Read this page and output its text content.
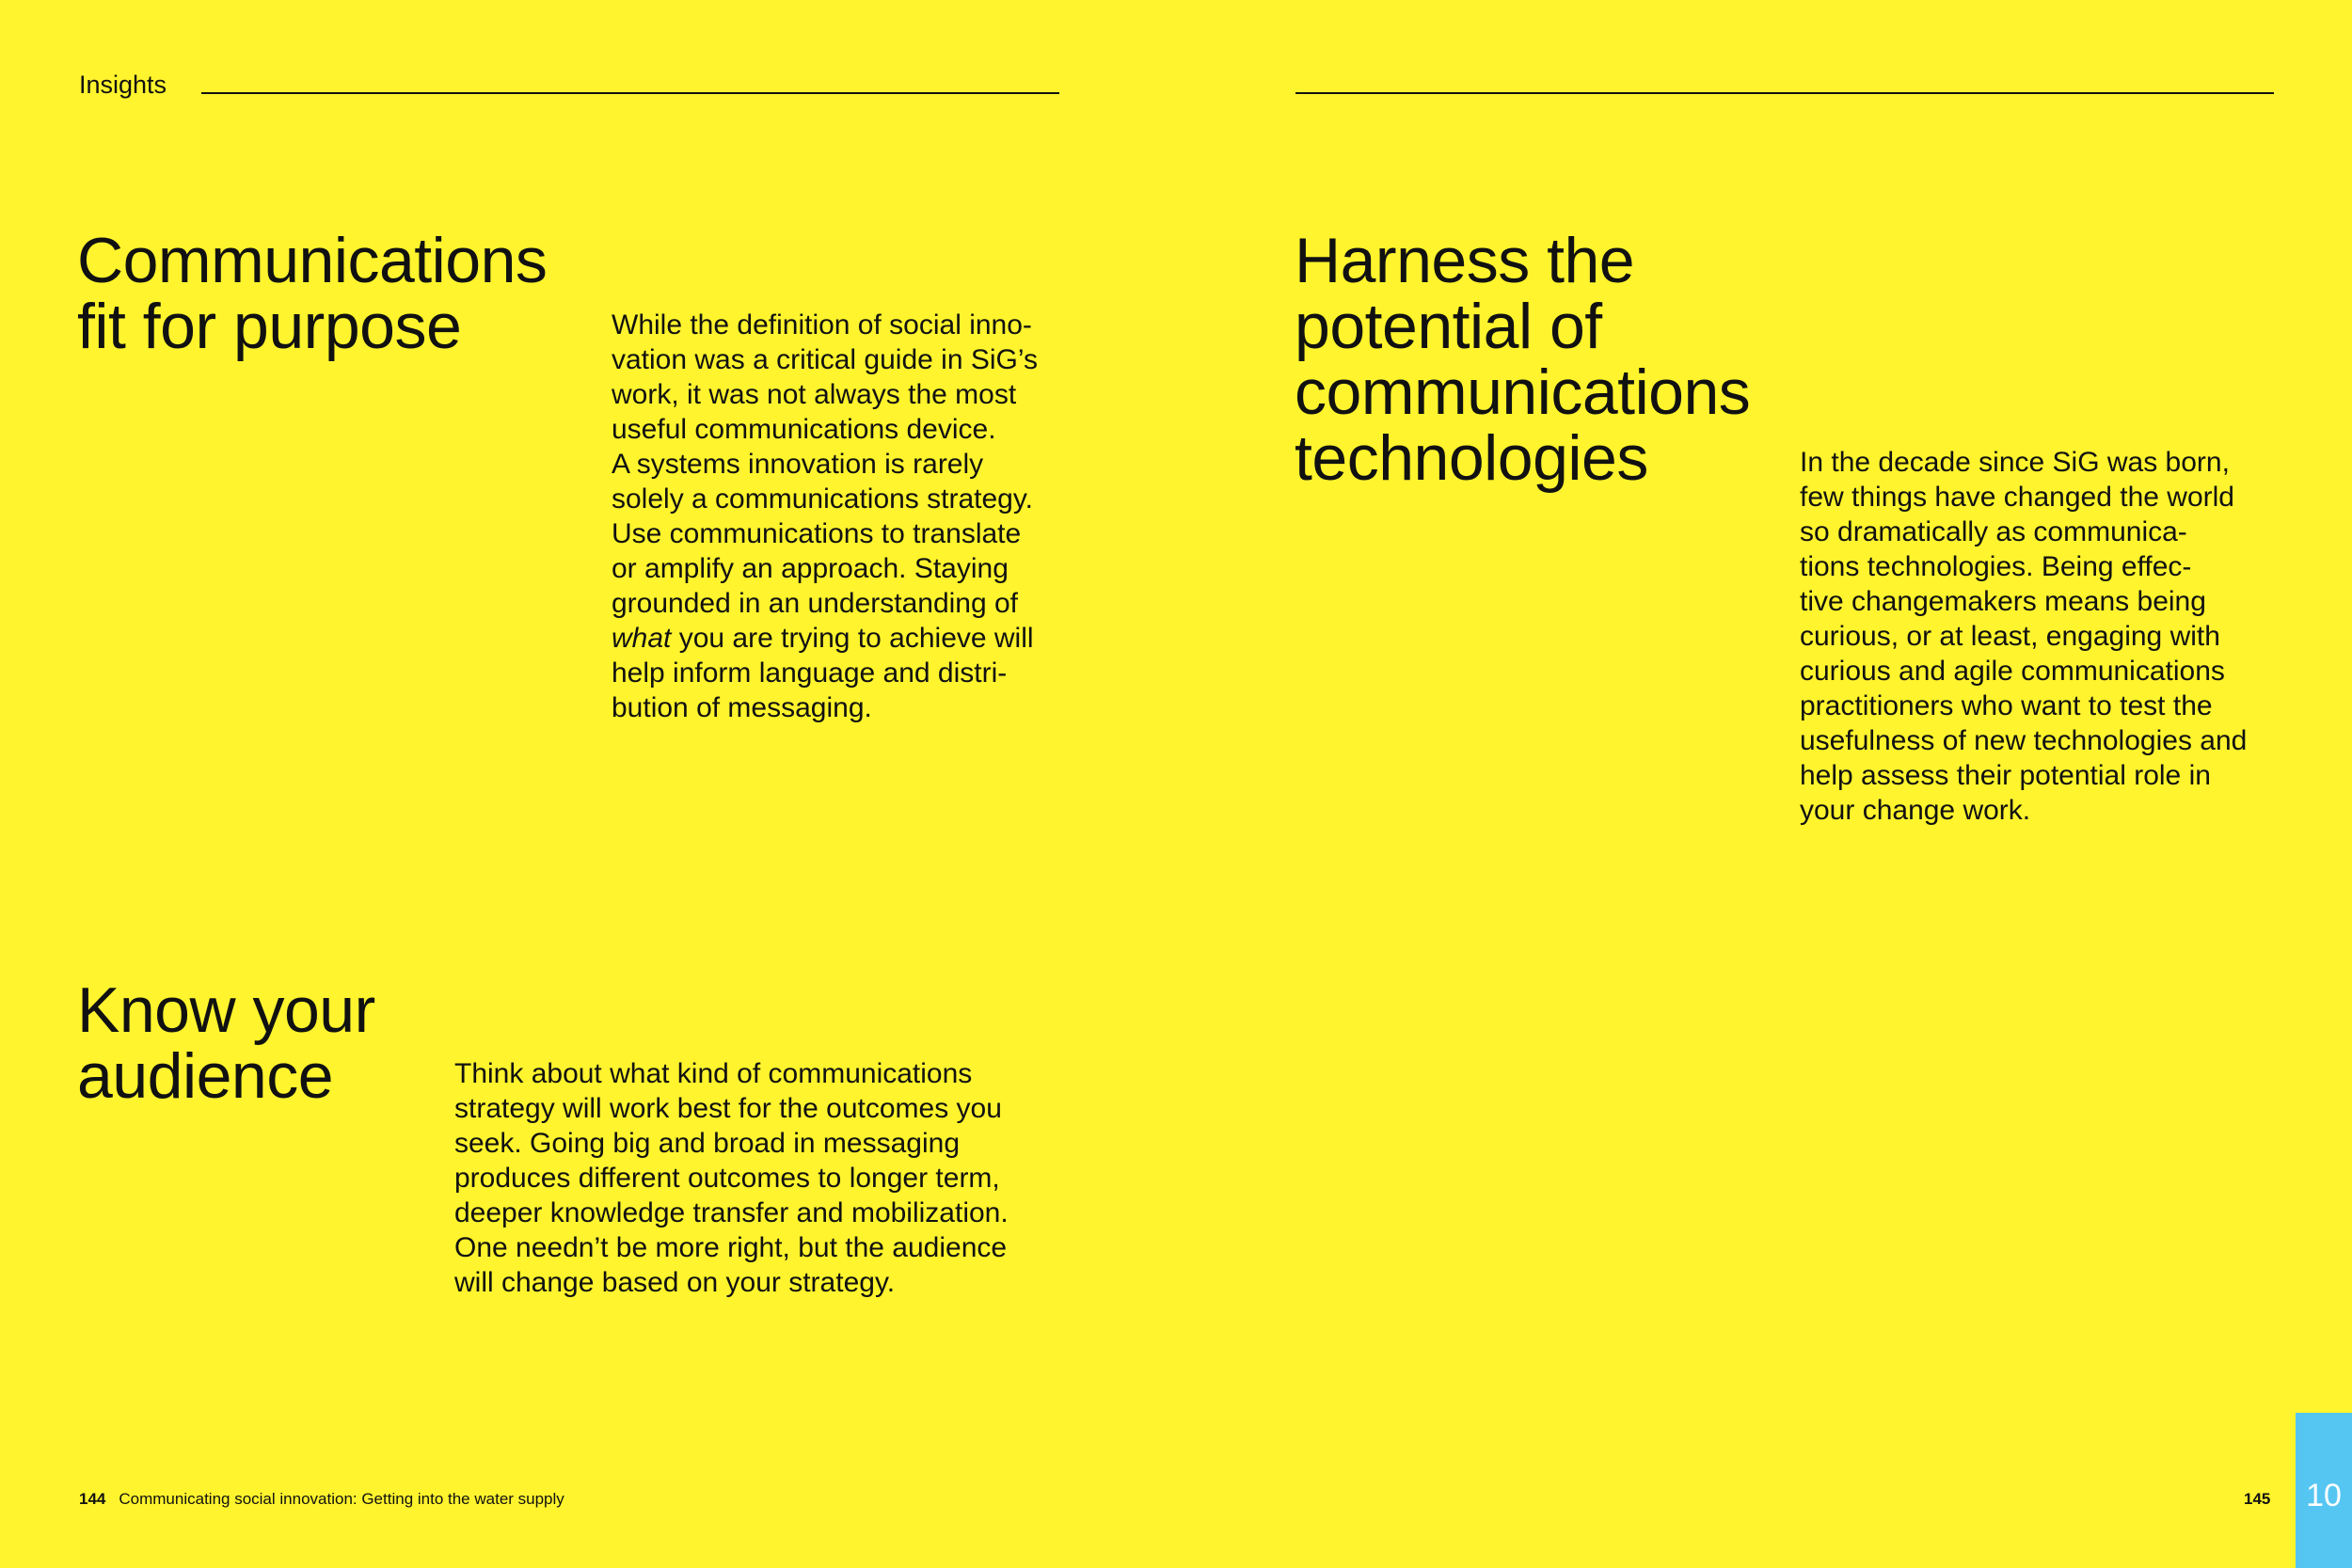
Insights

Communications
fit for purpose	While the definition of social inno-
vation was a critical guide in SiG’s
work, it was not always the most
useful communications device.
A systems innovation is rarely
solely a communications strategy.
Use communications to translate
or amplify an approach. Staying
grounded in an understanding of
what you are trying to achieve will
help inform language and distri-
bution of messaging.

Harness the
potential of
communications
technologies	In the decade since SiG was born,
few things have changed the world
so dramatically as communica-
tions technologies. Being effec-
tive changemakers means being
curious, or at least, engaging with
curious and agile communications
practitioners who want to test the
usefulness of new technologies and
help assess their potential role in
your change work.

Know your
audience	Think about what kind of communications
strategy will work best for the outcomes you
seek. Going big and broad in messaging
produces different outcomes to longer term,
deeper knowledge transfer and mobilization.
One needn’t be more right, but the audience
will change based on your strategy.

144 Communicating social innovation: Getting into the water supply	145	10
